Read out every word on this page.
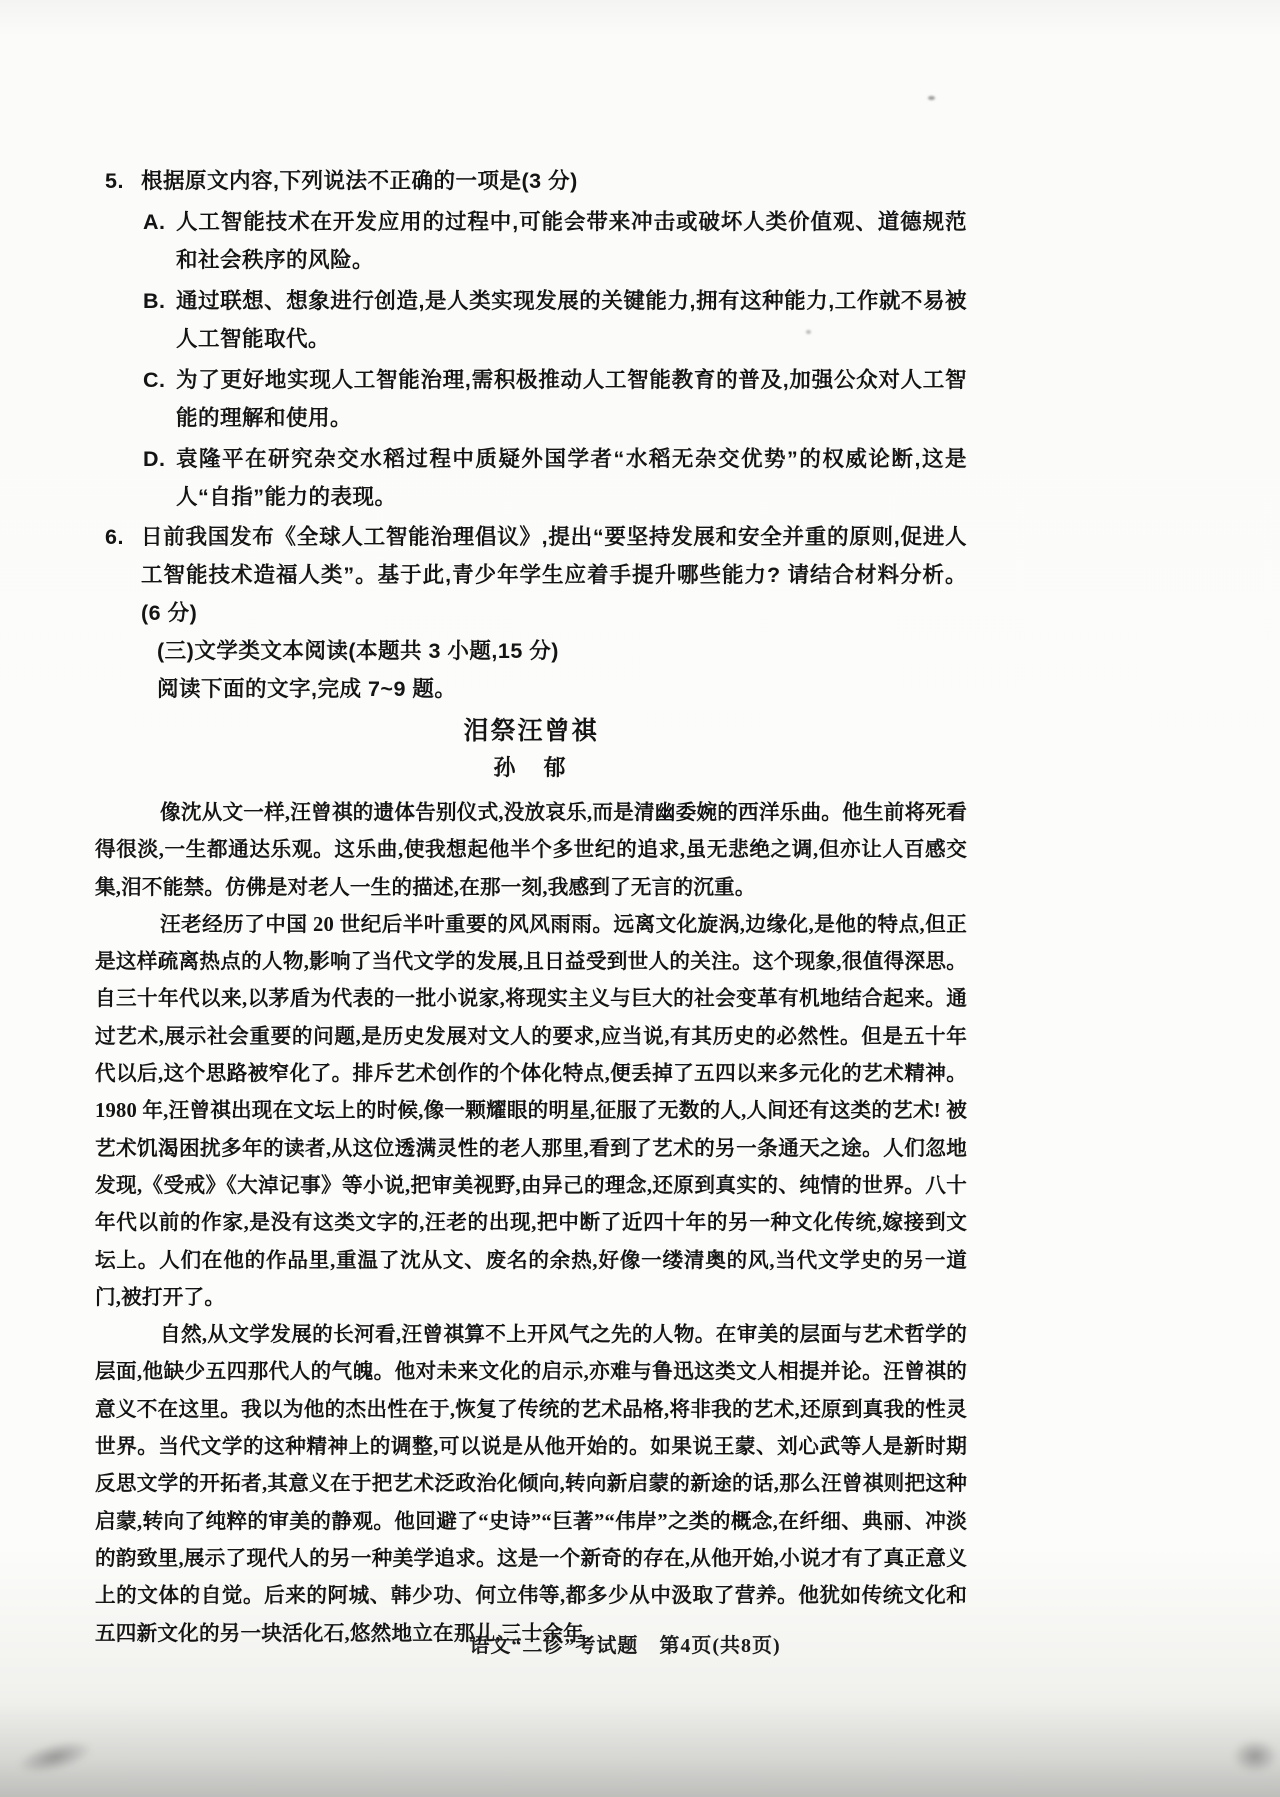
5. 根据原文内容,下列说法不正确的一项是(3 分)
A. 人工智能技术在开发应用的过程中,可能会带来冲击或破坏人类价值观、道德规范和社会秩序的风险。
B. 通过联想、想象进行创造,是人类实现发展的关键能力,拥有这种能力,工作就不易被人工智能取代。
C. 为了更好地实现人工智能治理,需积极推动人工智能教育的普及,加强公众对人工智能的理解和使用。
D. 袁隆平在研究杂交水稻过程中质疑外国学者“水稻无杂交优势”的权威论断,这是人“自指”能力的表现。
6. 日前我国发布《全球人工智能治理倡议》,提出“要坚持发展和安全并重的原则,促进人工智能技术造福人类”。基于此,青少年学生应着手提升哪些能力? 请结合材料分析。(6 分)
(三)文学类文本阅读(本题共 3 小题,15 分)
阅读下面的文字,完成 7~9 题。
泪祭汪曾祺
孙　郁
像沈从文一样,汪曾祺的遗体告别仪式,没放哀乐,而是清幽委婉的西洋乐曲。他生前将死看得很淡,一生都通达乐观。这乐曲,使我想起他半个多世纪的追求,虽无悲绝之调,但亦让人百感交集,泪不能禁。仿佛是对老人一生的描述,在那一刻,我感到了无言的沉重。
汪老经历了中国 20 世纪后半叶重要的风风雨雨。远离文化旋涡,边缘化,是他的特点,但正是这样疏离热点的人物,影响了当代文学的发展,且日益受到世人的关注。这个现象,很值得深思。自三十年代以来,以茅盾为代表的一批小说家,将现实主义与巨大的社会变革有机地结合起来。通过艺术,展示社会重要的问题,是历史发展对文人的要求,应当说,有其历史的必然性。但是五十年代以后,这个思路被窄化了。排斥艺术创作的个体化特点,便丢掉了五四以来多元化的艺术精神。1980 年,汪曾祺出现在文坛上的时候,像一颗耀眼的明星,征服了无数的人,人间还有这类的艺术! 被艺术饥渴困扰多年的读者,从这位透满灵性的老人那里,看到了艺术的另一条通天之途。人们忽地发现,《受戒》《大淖记事》等小说,把审美视野,由异己的理念,还原到真实的、纯情的世界。八十年代以前的作家,是没有这类文字的,汪老的出现,把中断了近四十年的另一种文化传统,嫁接到文坛上。人们在他的作品里,重温了沈从文、废名的余热,好像一缕清奥的风,当代文学史的另一道门,被打开了。
自然,从文学发展的长河看,汪曾祺算不上开风气之先的人物。在审美的层面与艺术哲学的层面,他缺少五四那代人的气魄。他对未来文化的启示,亦难与鲁迅这类文人相提并论。汪曾祺的意义不在这里。我以为他的杰出性在于,恢复了传统的艺术品格,将非我的艺术,还原到真我的性灵世界。当代文学的这种精神上的调整,可以说是从他开始的。如果说王蒙、刘心武等人是新时期反思文学的开拓者,其意义在于把艺术泛政治化倾向,转向新启蒙的新途的话,那么汪曾祺则把这种启蒙,转向了纯粹的审美的静观。他回避了“史诗”“巨著”“伟岸”之类的概念,在纤细、典丽、冲淡的韵致里,展示了现代人的另一种美学追求。这是一个新奇的存在,从他开始,小说才有了真正意义上的文体的自觉。后来的阿城、韩少功、何立伟等,都多少从中汲取了营养。他犹如传统文化和五四新文化的另一块活化石,悠然地立在那儿,三十余年
语文“二诊”考试题　第4页(共8页)
